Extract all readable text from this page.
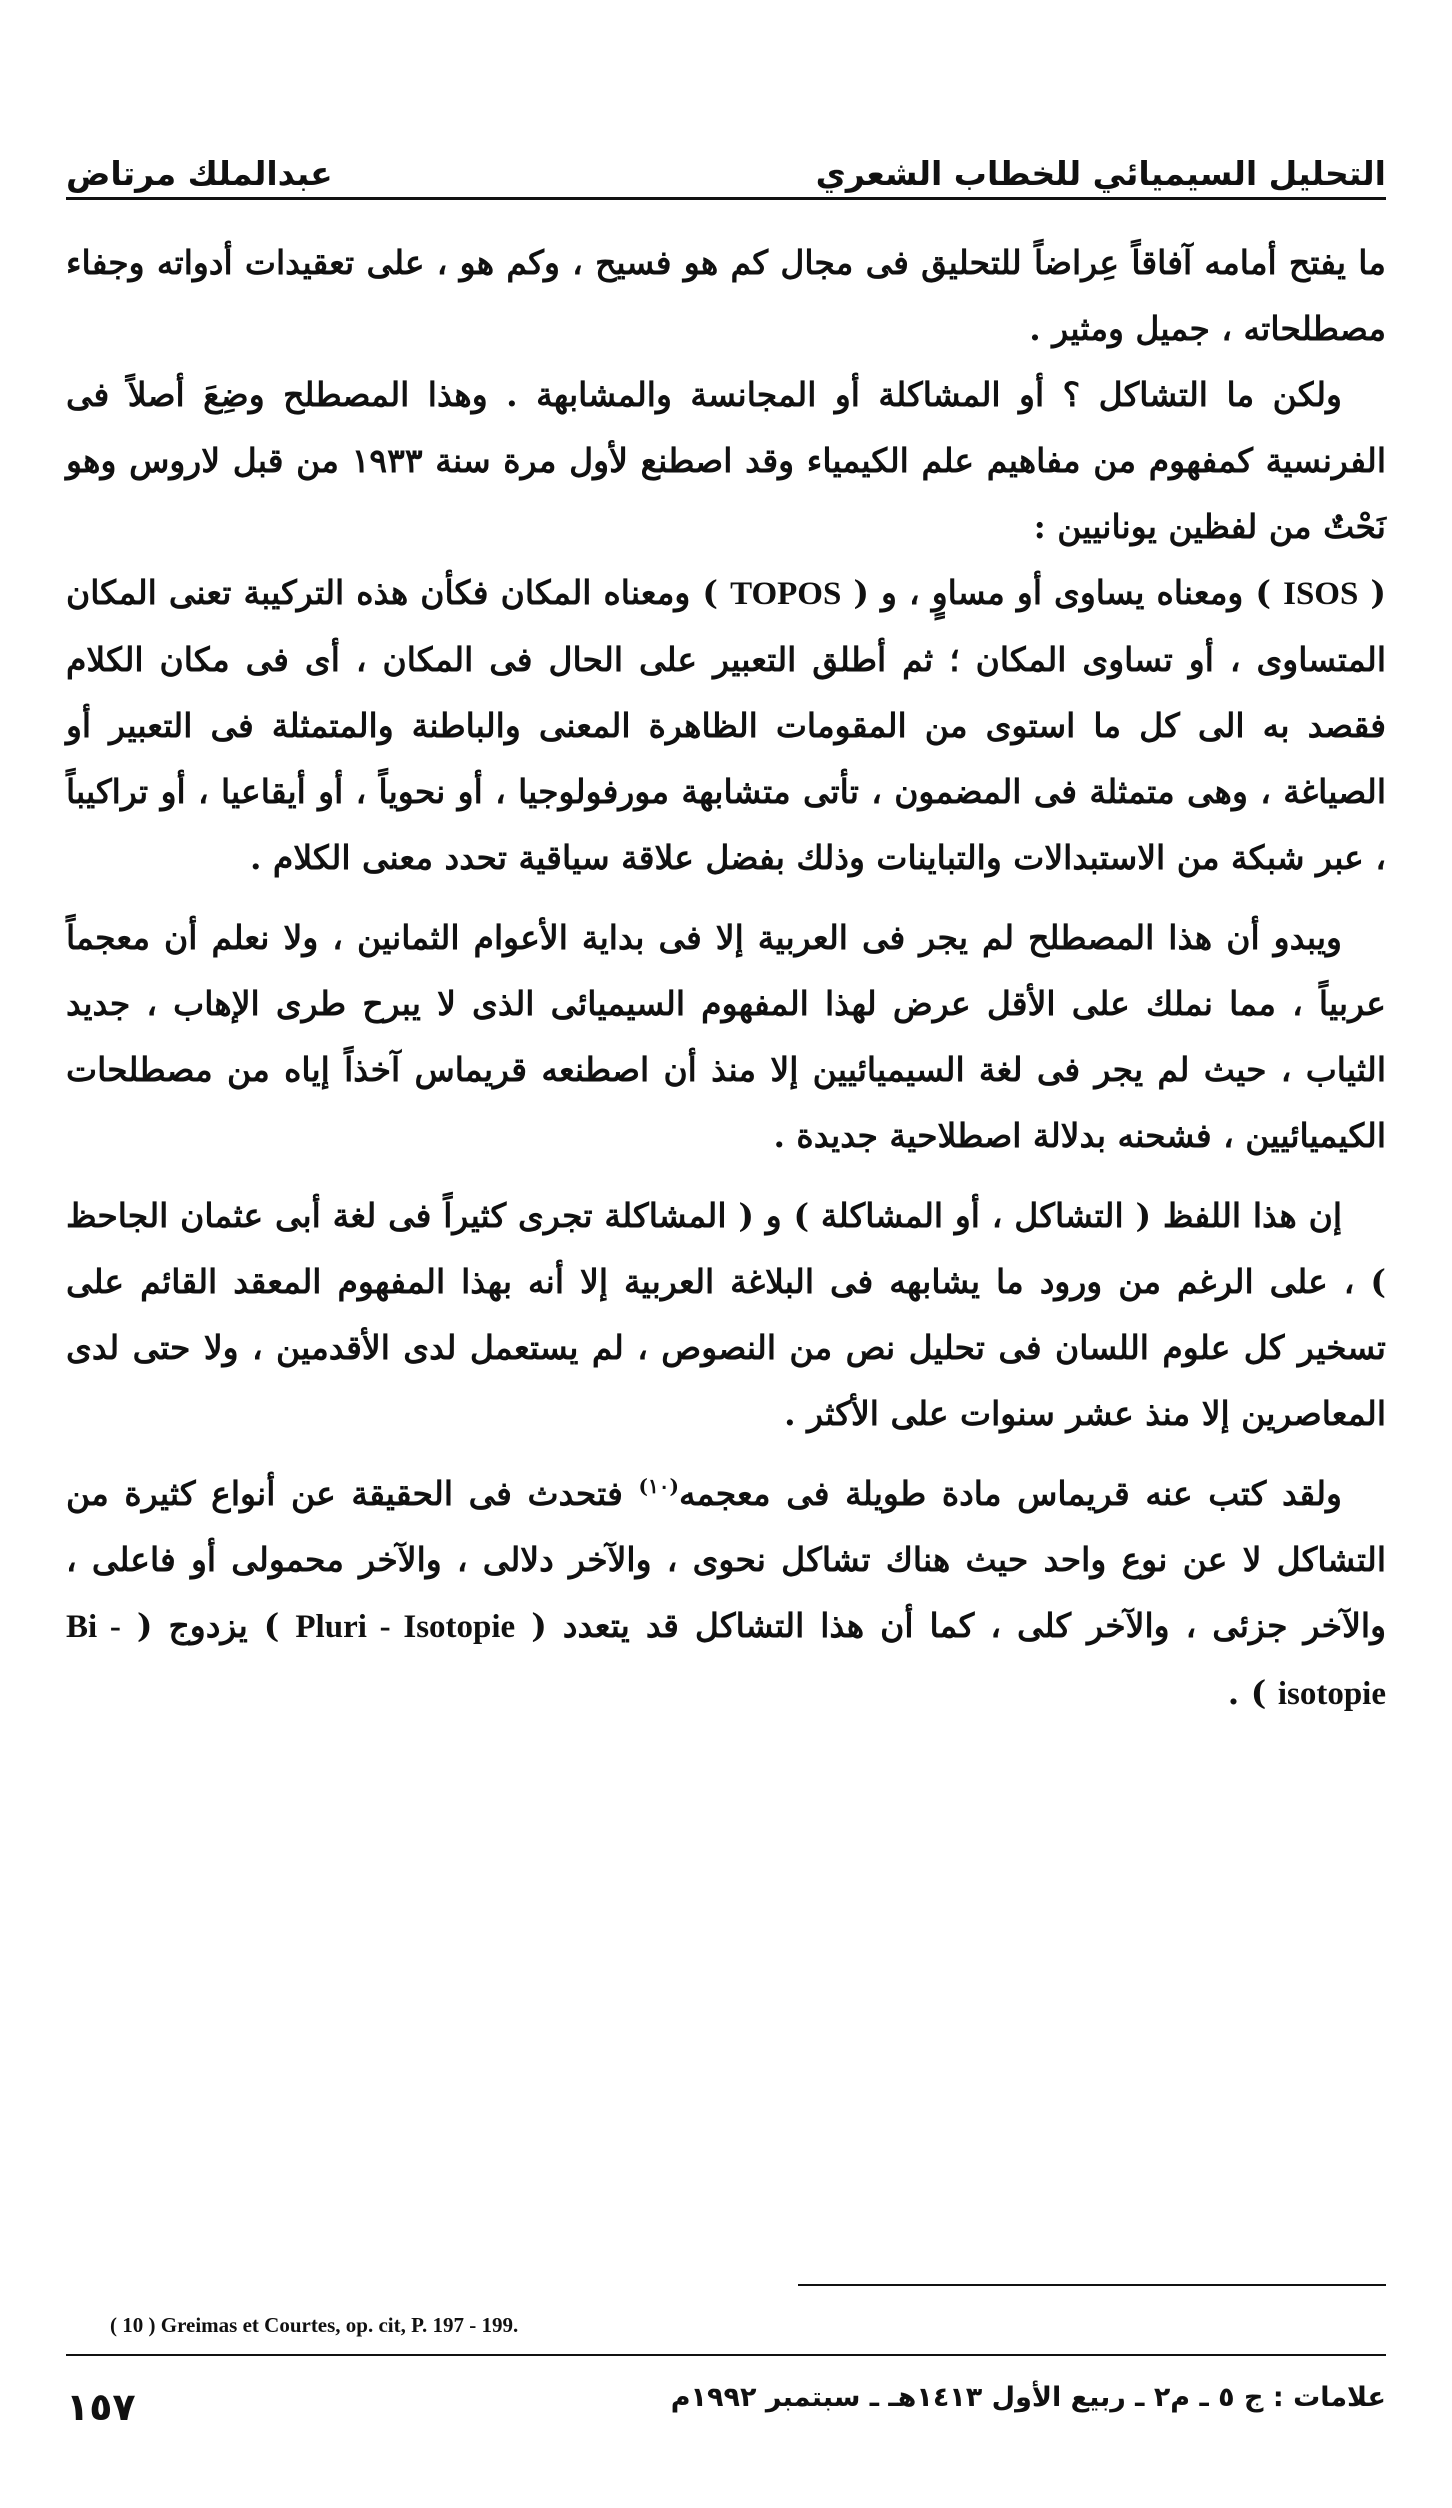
التحليل السيميائي للخطاب الشعري
عبدالملك مرتاض

ما يفتح أمامه آفاقاً عِراضاً للتحليق فى مجال كم هو فسيح ، وكم هو ، على تعقيدات أدواته وجفاء مصطلحاته ، جميل ومثير .

ولكن ما التشاكل ؟ أو المشاكلة أو المجانسة والمشابهة . وهذا المصطلح وضِعَ أصلاً فى الفرنسية كمفهوم من مفاهيم علم الكيمياء وقد اصطنع لأول مرة سنة ١٩٣٣ من قبل لاروس وهو نَحْتٌ من لفظين يونانيين :

( ISOS ) ومعناه يساوى أو مساوٍ ، و ( TOPOS ) ومعناه المكان فكأن هذه التركيبة تعنى المكان المتساوى ، أو تساوى المكان ؛ ثم أطلق التعبير على الحال فى المكان ، أى فى مكان الكلام فقصد به الى كل ما استوى من المقومات الظاهرة المعنى والباطنة والمتمثلة فى التعبير أو الصياغة ، وهى متمثلة فى المضمون ، تأتى متشابهة مورفولوجيا ، أو نحوياً ، أو أيقاعيا ، أو تراكيباً ، عبر شبكة من الاستبدالات والتباينات وذلك بفضل علاقة سياقية تحدد معنى الكلام .

ويبدو أن هذا المصطلح لم يجر فى العربية إلا فى بداية الأعوام الثمانين ، ولا نعلم أن معجماً عربياً ، مما نملك على الأقل عرض لهذا المفهوم السيميائى الذى لا يبرح طرى الإهاب ، جديد الثياب ، حيث لم يجر فى لغة السيميائيين إلا منذ أن اصطنعه قريماس آخذاً إياه من مصطلحات الكيميائيين ، فشحنه بدلالة اصطلاحية جديدة .

إن هذا اللفظ ( التشاكل ، أو المشاكلة ) و ( المشاكلة تجرى كثيراً فى لغة أبى عثمان الجاحظ ) ، على الرغم من ورود ما يشابهه فى البلاغة العربية إلا أنه بهذا المفهوم المعقد القائم على تسخير كل علوم اللسان فى تحليل نص من النصوص ، لم يستعمل لدى الأقدمين ، ولا حتى لدى المعاصرين إلا منذ عشر سنوات على الأكثر .

ولقد كتب عنه قريماس مادة طويلة فى معجمه$^{(١٠)}$ فتحدث فى الحقيقة عن أنواع كثيرة من التشاكل لا عن نوع واحد حيث هناك تشاكل نحوى ، والآخر دلالى ، والآخر محمولى أو فاعلى ، والآخر جزئى ، والآخر كلى ، كما أن هذا التشاكل قد يتعدد ( Pluri - Isotopie ) يزدوج ( Bi - isotopie ) .

( 10 ) Greimas et Courtes, op. cit, P. 197 - 199.
علامات : ج ٥ ـ م٢ ـ ربيع الأول ١٤١٣هـ ـ سبتمبر ١٩٩٢م
١٥٧
